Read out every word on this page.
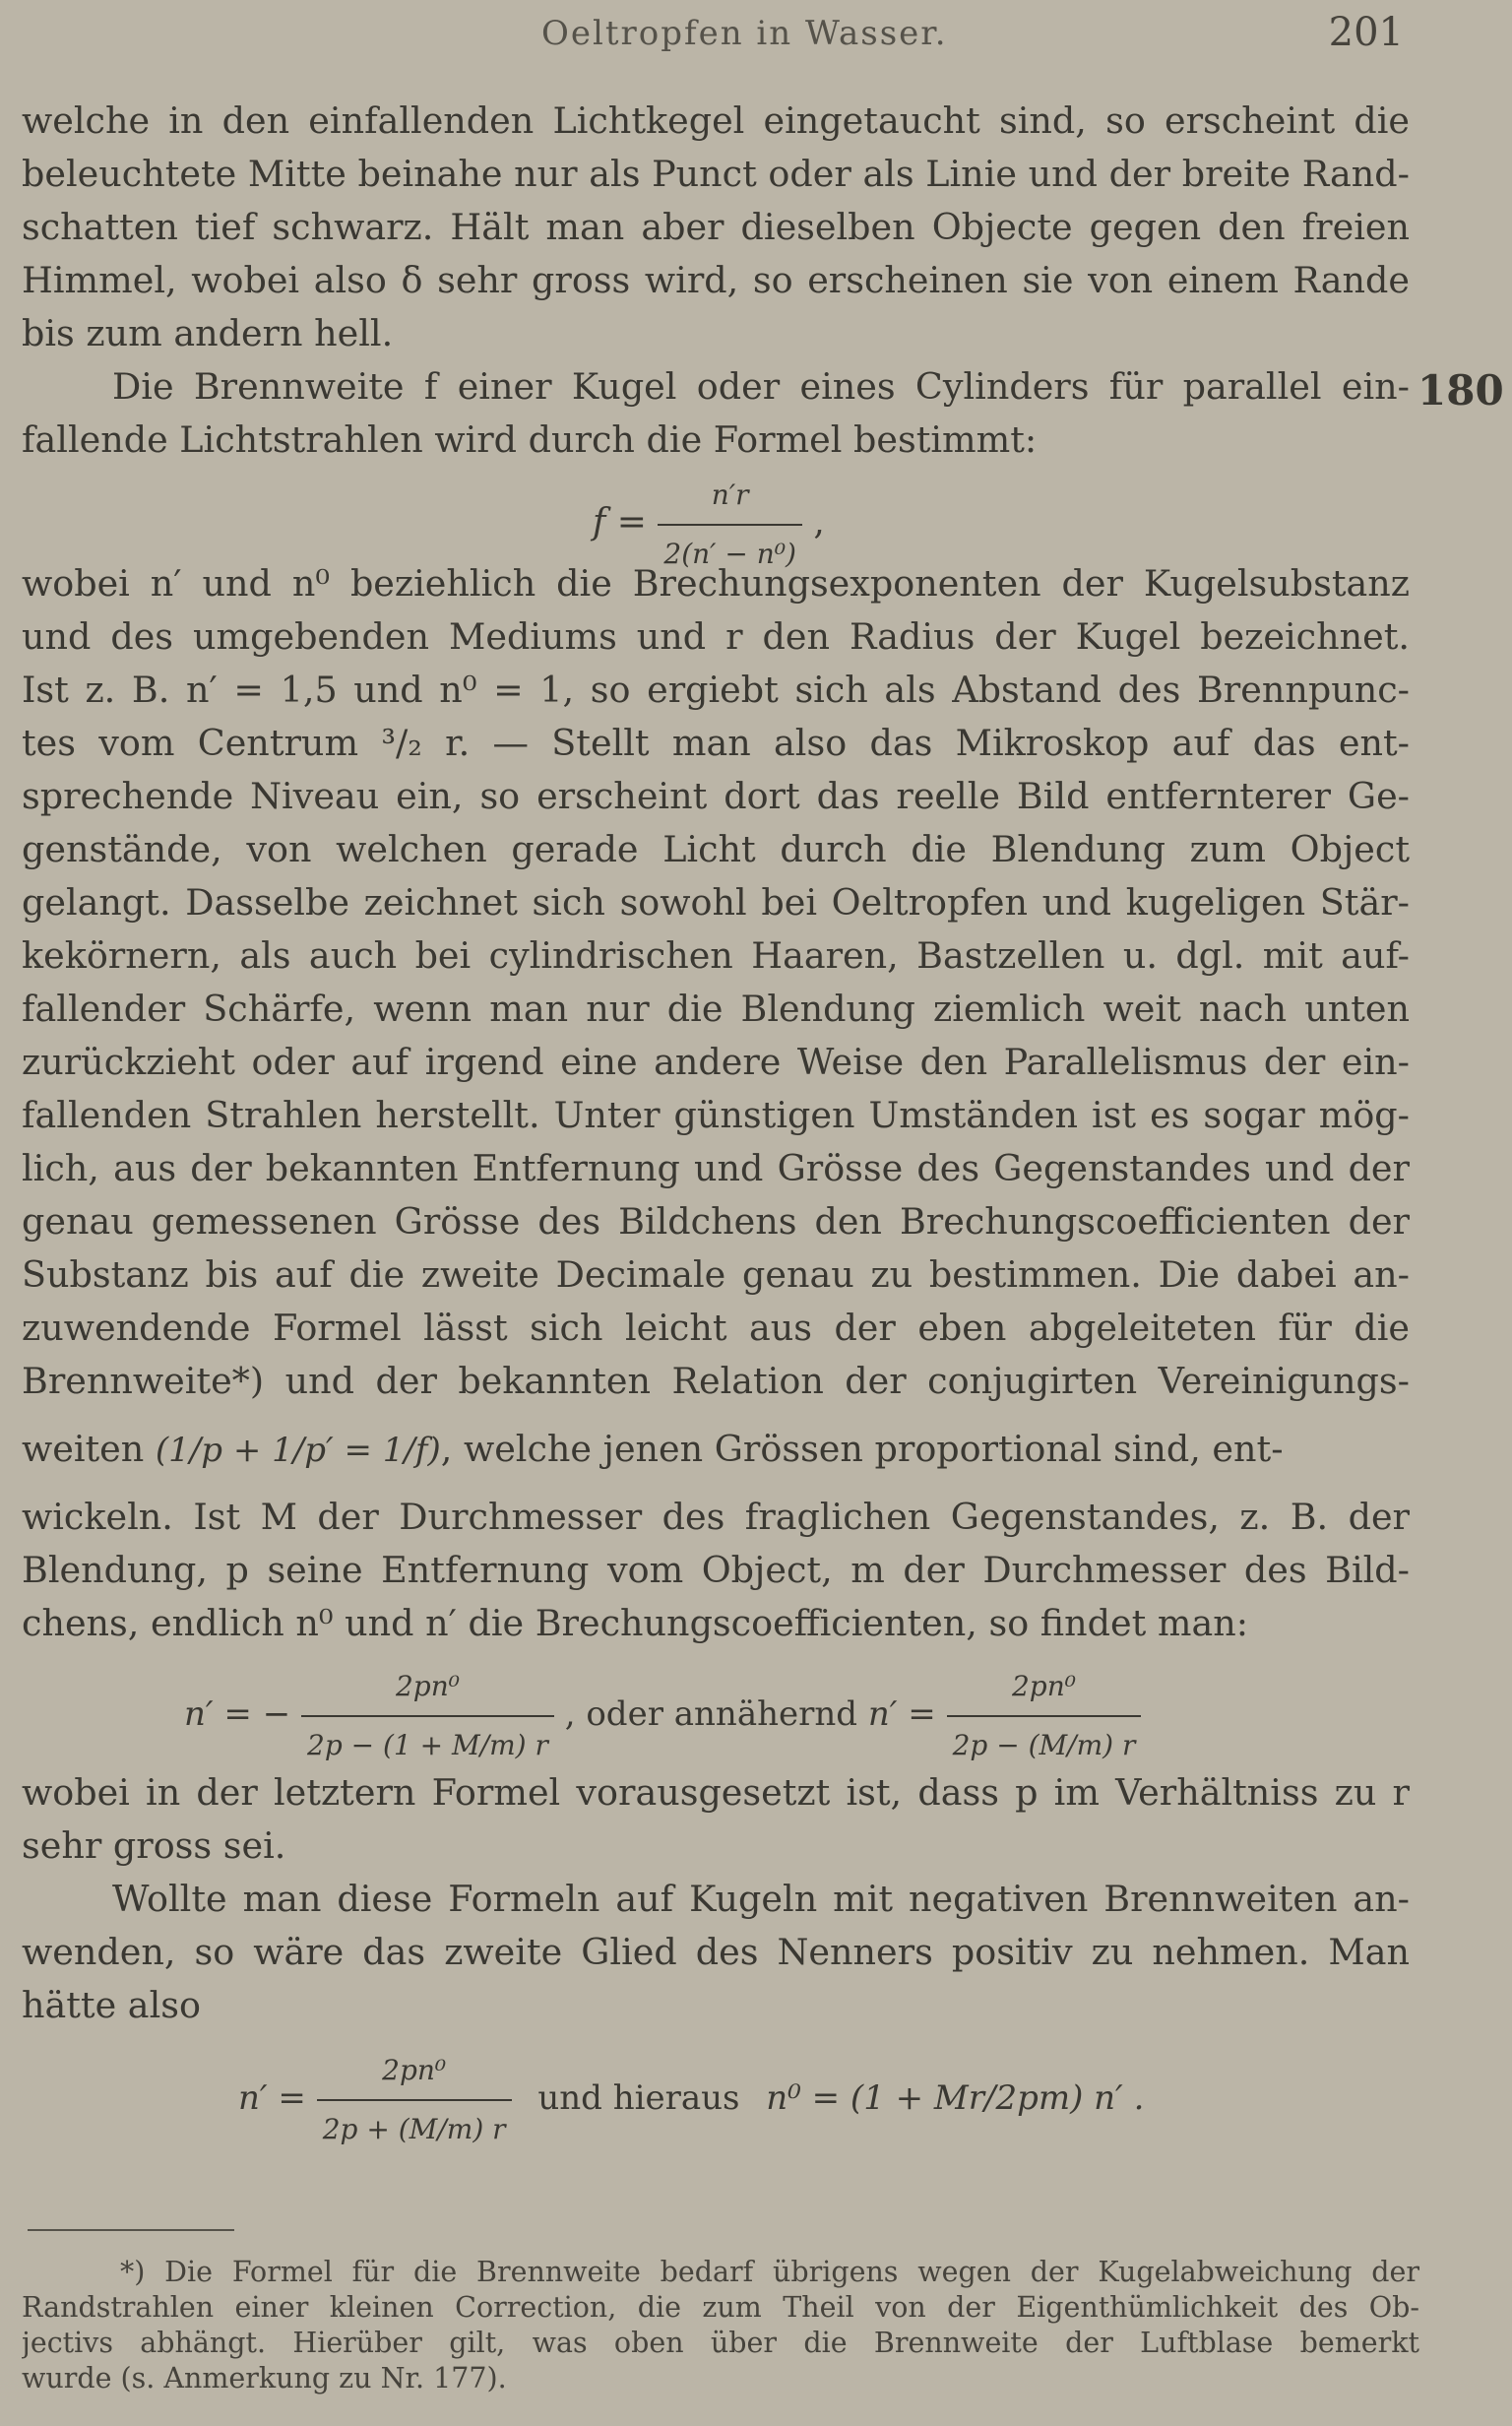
Oeltropfen in Wasser.	201
180
welche in den einfallenden Lichtkegel eingetaucht sind, so erscheint die
beleuchtete Mitte beinahe nur als Punct oder als Linie und der breite Rand-
schatten tief schwarz. Hält man aber dieselben Objecte gegen den freien
Himmel, wobei also δ sehr gross wird, so erscheinen sie von einem Rande
bis zum andern hell.
Die Brennweite f einer Kugel oder eines Cylinders für parallel ein-
fallende Lichtstrahlen wird durch die Formel bestimmt:
$f = \frac{n'r}{\text{2(n′ − n⁰)}}$ ,
wobei n′ und n⁰ beziehlich die Brechungsexponenten der Kugelsubstanz
und des umgebenden Mediums und r den Radius der Kugel bezeichnet.
Ist z. B. n′ = 1,5 und n⁰ = 1, so ergiebt sich als Abstand des Brennpunc-
tes vom Centrum ³/₂ r. — Stellt man also das Mikroskop auf das ent-
sprechende Niveau ein, so erscheint dort das reelle Bild entfernterer Ge-
genstände, von welchen gerade Licht durch die Blendung zum Object
gelangt. Dasselbe zeichnet sich sowohl bei Oeltropfen und kugeligen Stär-
kekörnern, als auch bei cylindrischen Haaren, Bastzellen u. dgl. mit auf-
fallender Schärfe, wenn man nur die Blendung ziemlich weit nach unten
zurückzieht oder auf irgend eine andere Weise den Parallelismus der ein-
fallenden Strahlen herstellt. Unter günstigen Umständen ist es sogar mög-
lich, aus der bekannten Entfernung und Grösse des Gegenstandes und der
genau gemessenen Grösse des Bildchens den Brechungscoefficienten der
Substanz bis auf die zweite Decimale genau zu bestimmen. Die dabei an-
zuwendende Formel lässt sich leicht aus der eben abgeleiteten für die
Brennweite*) und der bekannten Relation der conjugirten Vereinigungs-
weiten (1/p + 1/p′ = 1/f), welche jenen Grössen proportional sind, ent-
wickeln. Ist M der Durchmesser des fraglichen Gegenstandes, z. B. der
Blendung, p seine Entfernung vom Object, m der Durchmesser des Bild-
chens, endlich n⁰ und n′ die Brechungscoefficienten, so findet man:
n′ = − $\frac{\text{2pn⁰}}{2p - (1 + M/m) r}$ , oder annähernd $n' = \frac{\text{2pn⁰}}{2p - (M/m) r}$
wobei in der letztern Formel vorausgesetzt ist, dass p im Verhältniss zu r
sehr gross sei.
Wollte man diese Formeln auf Kugeln mit negativen Brennweiten an-
wenden, so wäre das zweite Glied des Nenners positiv zu nehmen. Man
hätte also
$n' = \frac{\text{2pn⁰}}{2p + (M/m) r}$ und hieraus n⁰ = (1 + Mr/2pm) n′ .
*) Die Formel für die Brennweite bedarf übrigens wegen der Kugelabweichung der
Randstrahlen einer kleinen Correction, die zum Theil von der Eigenthümlichkeit des Ob-
jectivs abhängt. Hierüber gilt, was oben über die Brennweite der Luftblase bemerkt
wurde (s. Anmerkung zu Nr. 177).
